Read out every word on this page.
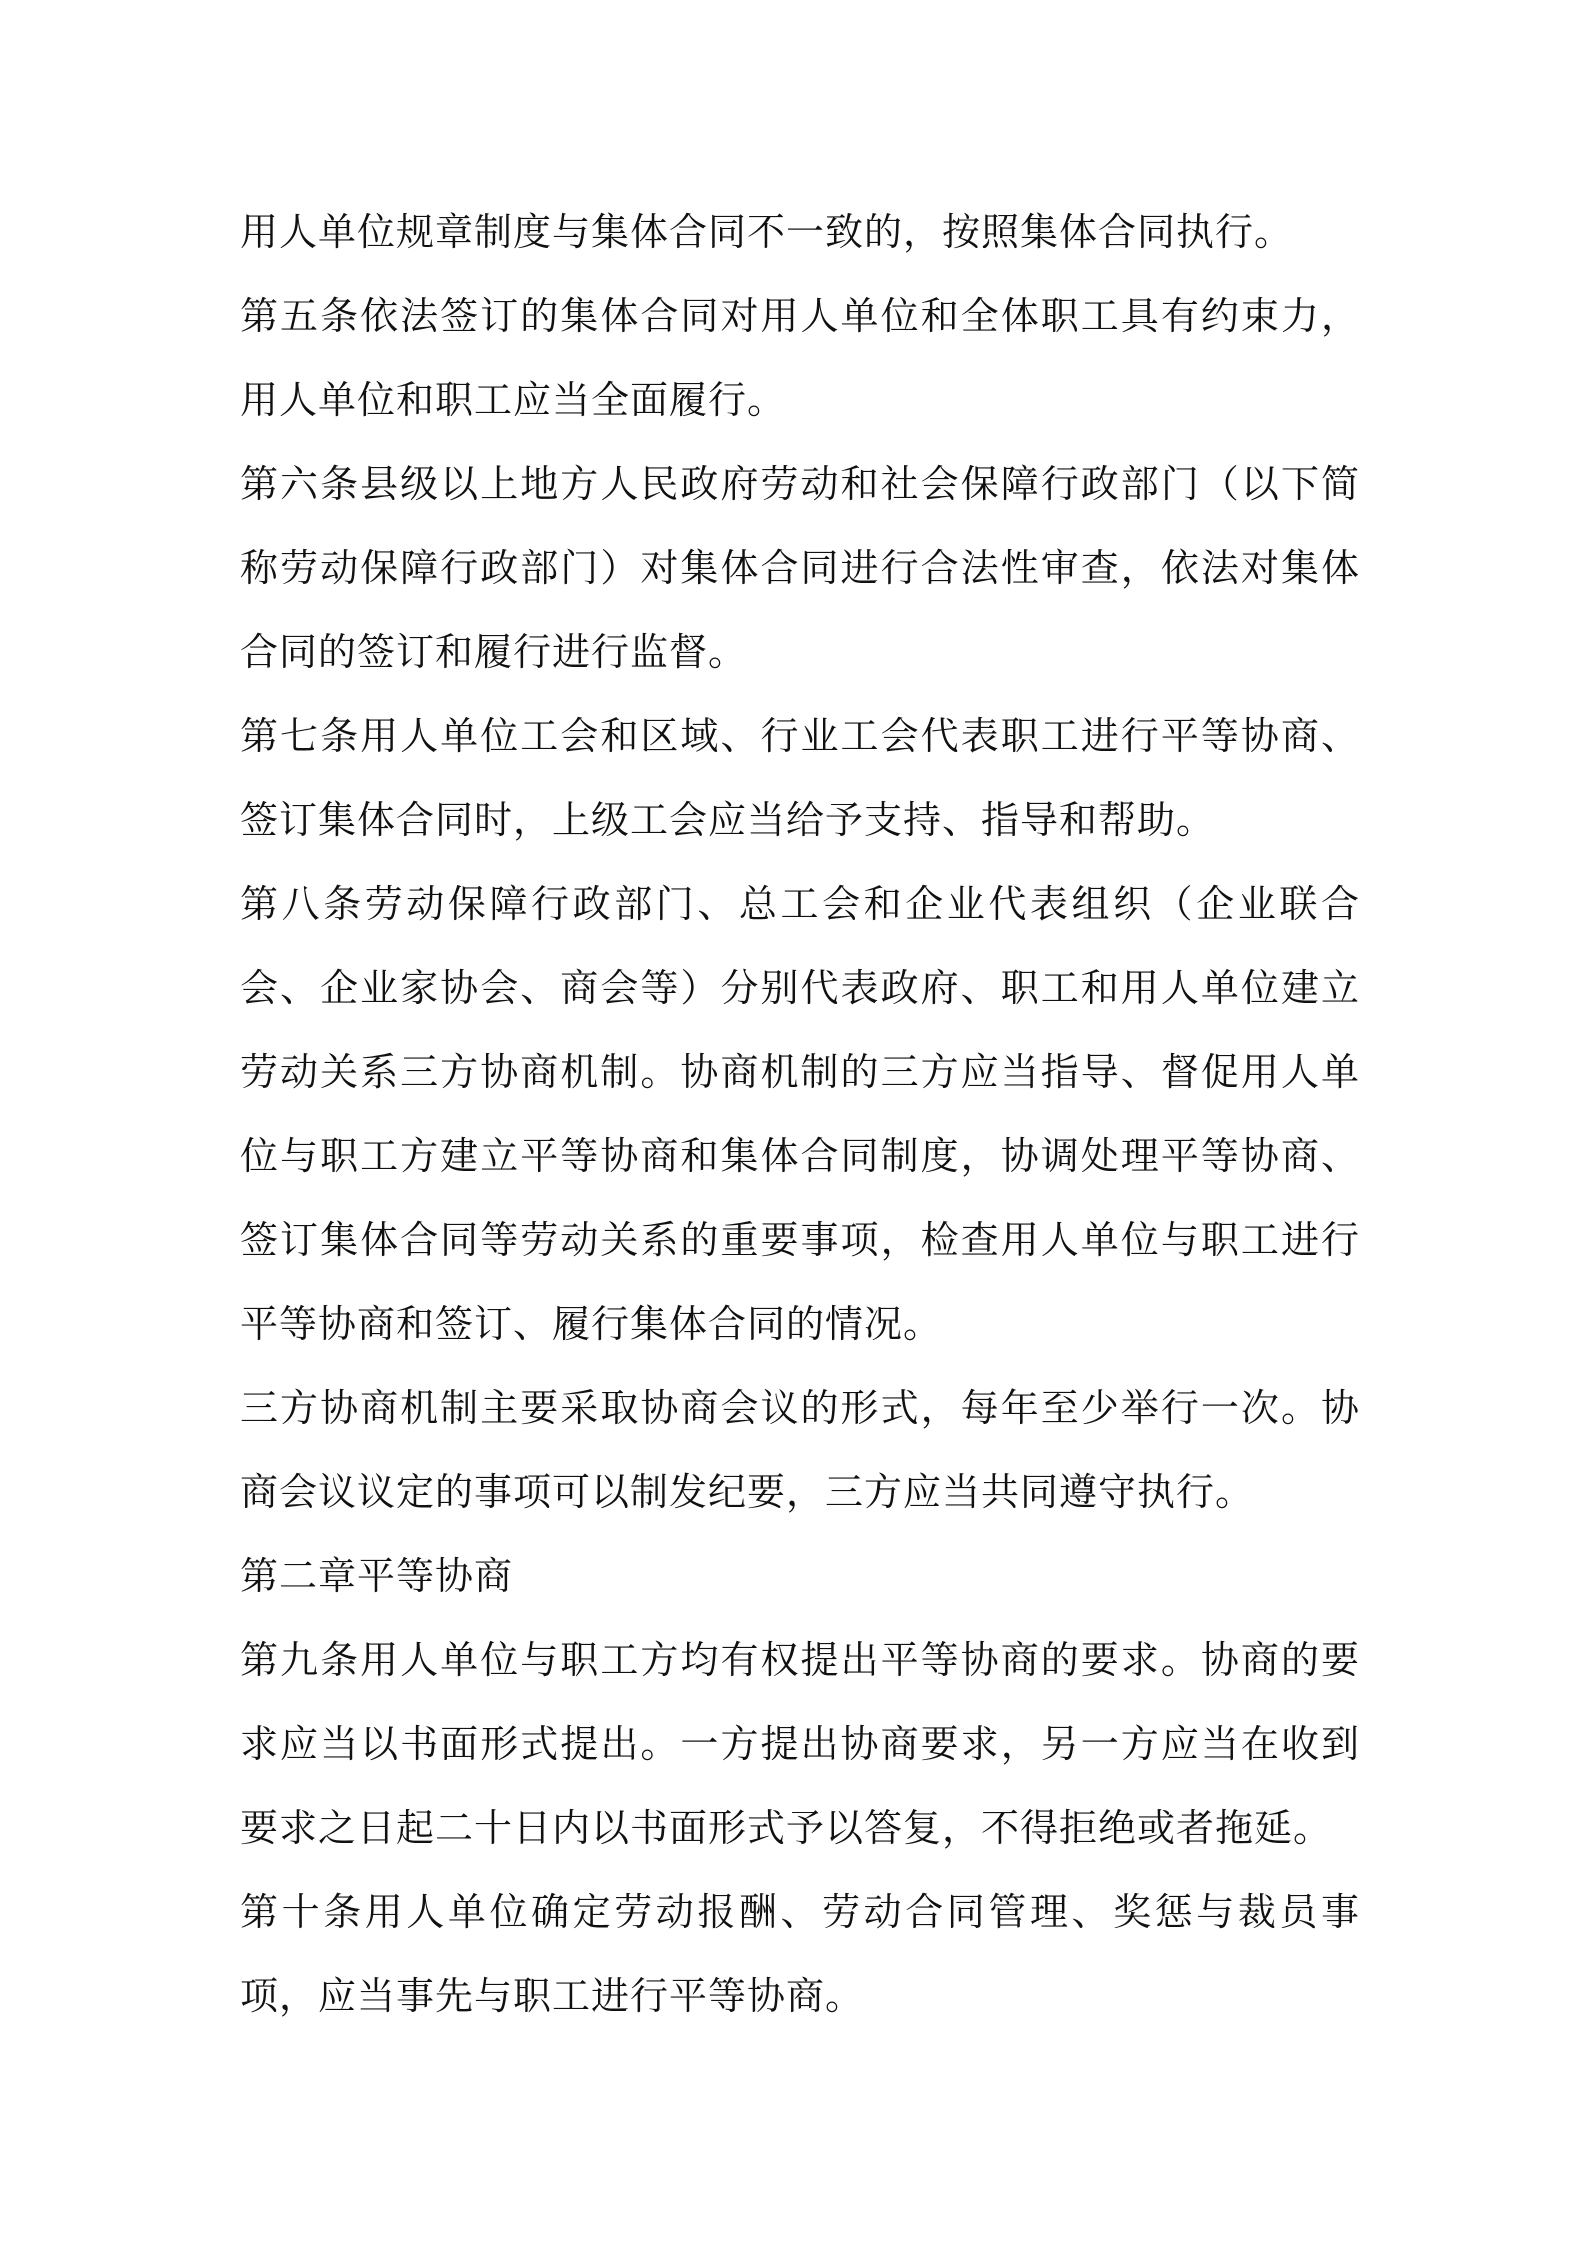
用人单位规章制度与集体合同不一致的，按照集体合同执行。

第五条依法签订的集体合同对用人单位和全体职工具有约束力，用人单位和职工应当全面履行。

第六条县级以上地方人民政府劳动和社会保障行政部门（以下简称劳动保障行政部门）对集体合同进行合法性审查，依法对集体合同的签订和履行进行监督。

第七条用人单位工会和区域、行业工会代表职工进行平等协商、签订集体合同时，上级工会应当给予支持、指导和帮助。

第八条劳动保障行政部门、总工会和企业代表组织（企业联合会、企业家协会、商会等）分别代表政府、职工和用人单位建立劳动关系三方协商机制。协商机制的三方应当指导、督促用人单位与职工方建立平等协商和集体合同制度，协调处理平等协商、签订集体合同等劳动关系的重要事项，检查用人单位与职工进行平等协商和签订、履行集体合同的情况。

三方协商机制主要采取协商会议的形式，每年至少举行一次。协商会议议定的事项可以制发纪要，三方应当共同遵守执行。

第二章平等协商

第九条用人单位与职工方均有权提出平等协商的要求。协商的要求应当以书面形式提出。一方提出协商要求，另一方应当在收到要求之日起二十日内以书面形式予以答复，不得拒绝或者拖延。

第十条用人单位确定劳动报酬、劳动合同管理、奖惩与裁员事项，应当事先与职工进行平等协商。
